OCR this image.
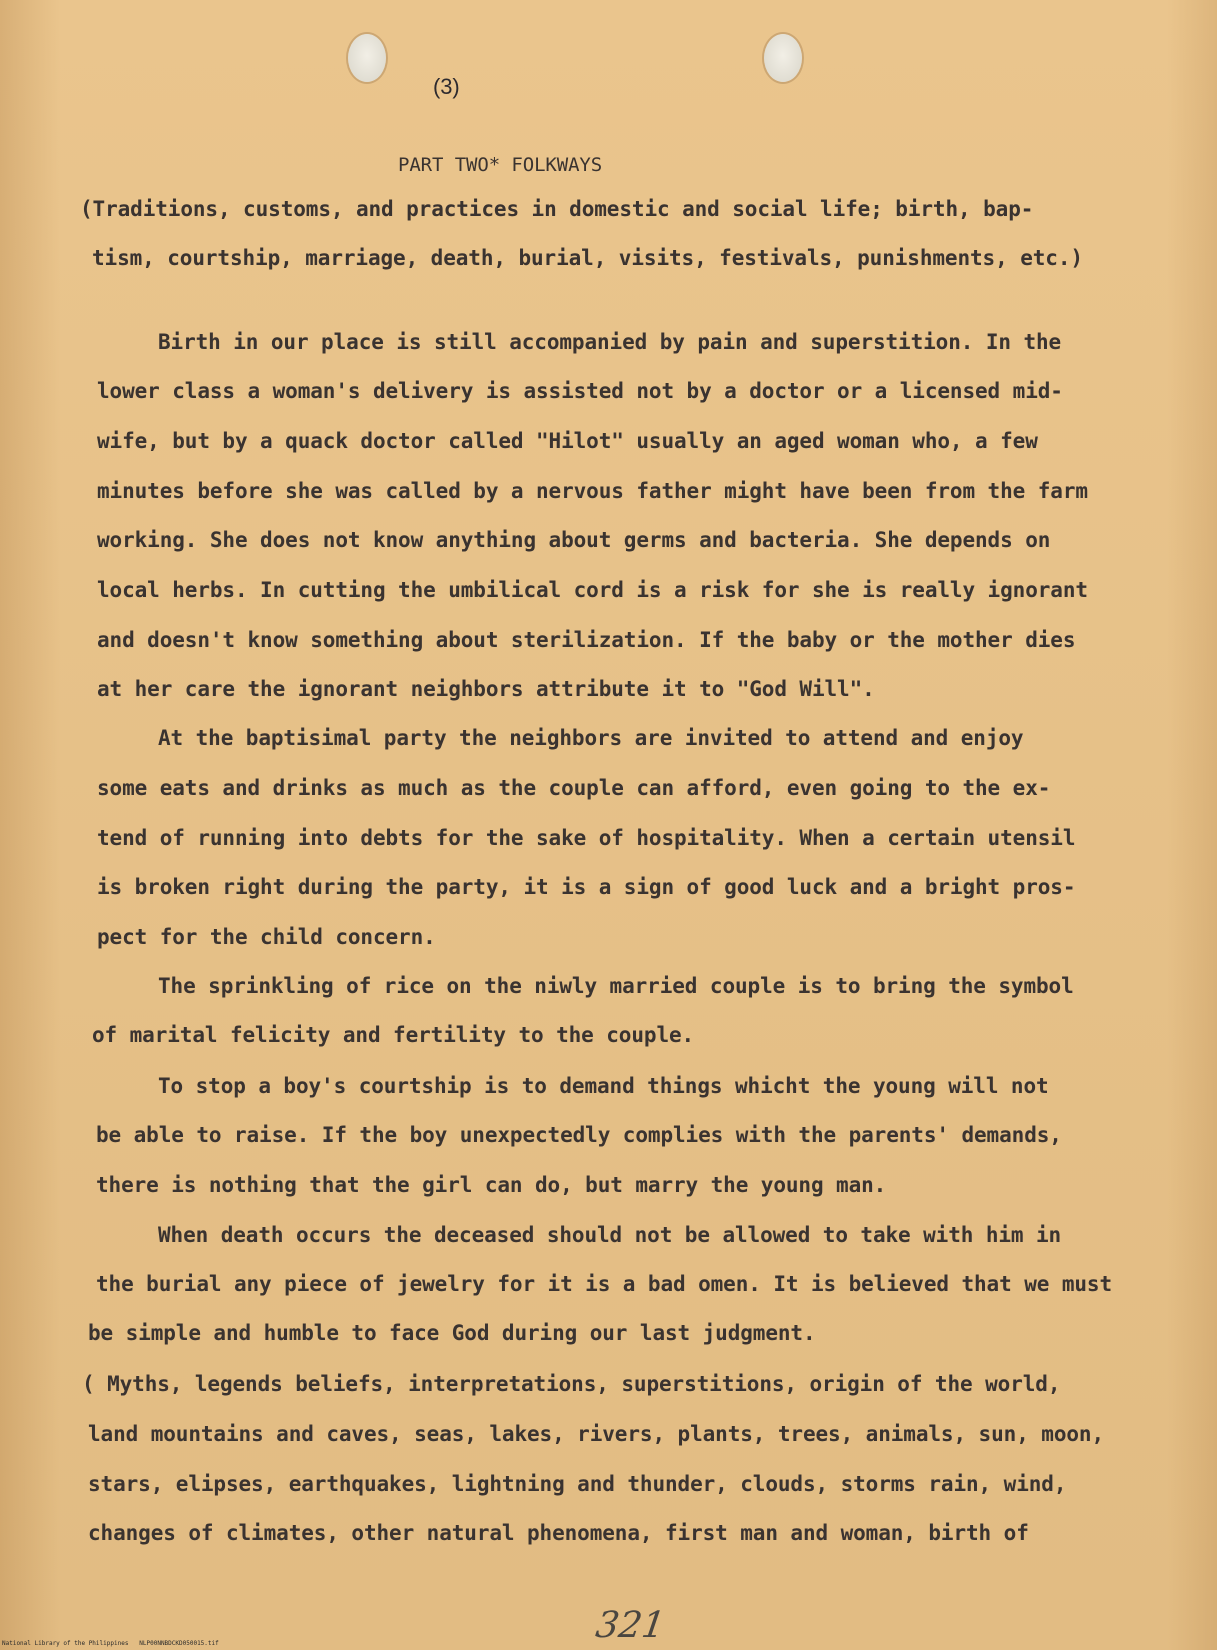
(3)

PART TWO* FOLKWAYS

(Traditions, customs, and practices in domestic and social life; birth, bap-

tism, courtship, marriage, death, burial, visits, festivals, punishments, etc.)

Birth in our place is still accompanied by pain and superstition. In the

lower class a woman's delivery is assisted not by a doctor or a licensed mid-

wife, but by a quack doctor called "Hilot" usually an aged woman who, a few

minutes before she was called by a nervous father might have been from the farm

working. She does not know anything about germs and bacteria. She depends on

local herbs. In cutting the umbilical cord is a risk for she is really ignorant

and doesn't know something about sterilization. If the baby or the mother dies

at her care the ignorant neighbors attribute it to "God Will".

At the baptisimal party the neighbors are invited to attend and enjoy

some eats and drinks as much as the couple can afford, even going to the ex-

tend of running into debts for the sake of hospitality. When a certain utensil

is broken right during the party, it is a sign of good luck and a bright pros-

pect for the child concern.

The sprinkling of rice on the niwly married couple is to bring the symbol

of marital felicity and fertility to the couple.

To stop a boy's courtship is to demand things whicht the young will not

be able to raise. If the boy unexpectedly complies with the parents' demands,

there is nothing that the girl can do, but marry the young man.

When death occurs the deceased should not be allowed to take with him in

the burial any piece of jewelry for it is a bad omen. It is believed that we must

be simple and humble to face God during our last judgment.

( Myths, legends beliefs, interpretations, superstitions, origin of the world,

land mountains and caves, seas, lakes, rivers, plants, trees, animals, sun, moon,

stars, elipses, earthquakes, lightning and thunder, clouds, storms rain, wind,

changes of climates, other natural phenomena, first man and woman, birth of

321
National Library of the Philippines   NLP00NNBDCKD050015.tif
